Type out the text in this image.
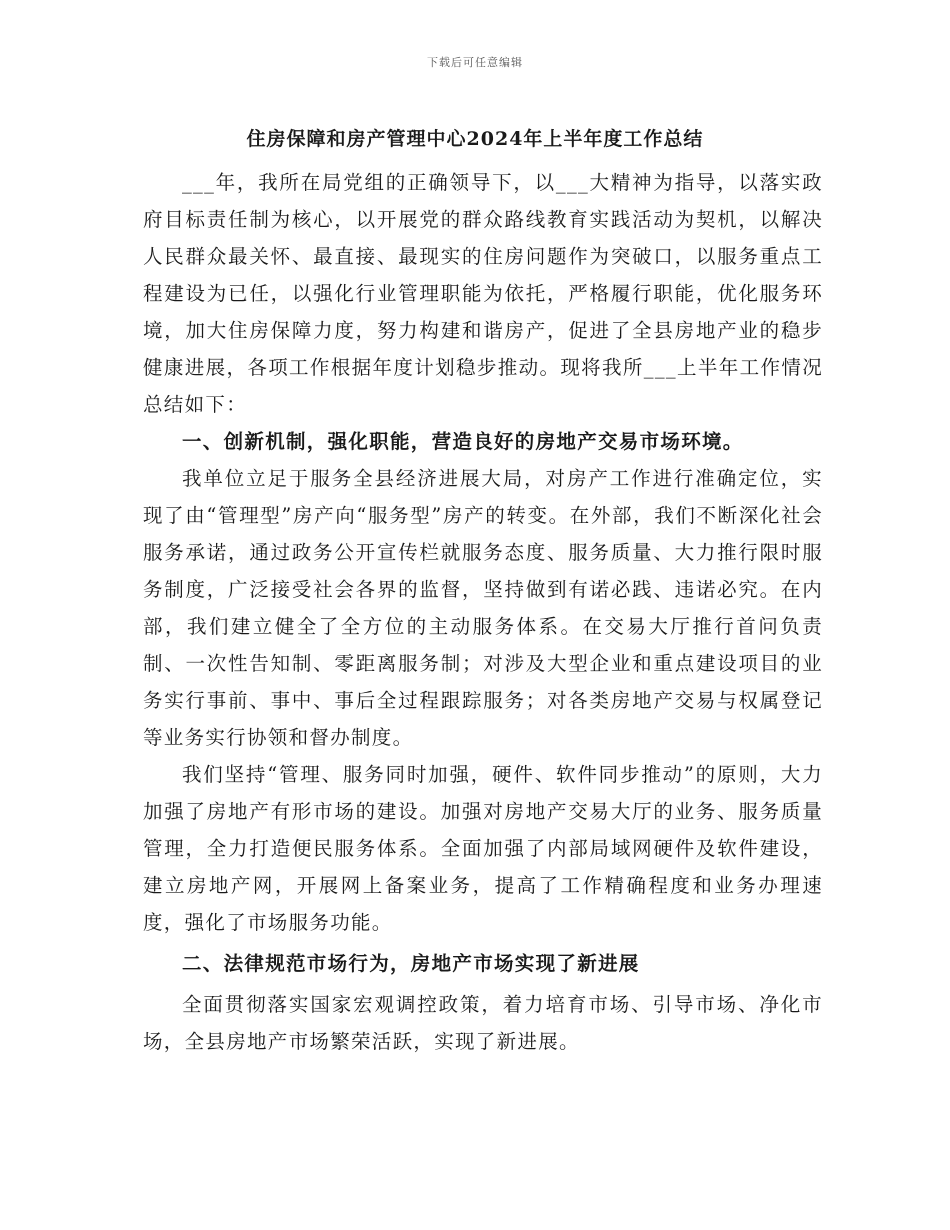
下载后可任意编辑
住房保障和房产管理中心2024年上半年度工作总结

___年，我所在局党组的正确领导下，以___大精神为指导，以落实政府目标责任制为核心，以开展党的群众路线教育实践活动为契机，以解决人民群众最关怀、最直接、最现实的住房问题作为突破口，以服务重点工程建设为已任，以强化行业管理职能为依托，严格履行职能，优化服务环境，加大住房保障力度，努力构建和谐房产，促进了全县房地产业的稳步健康进展，各项工作根据年度计划稳步推动。现将我所___上半年工作情况总结如下：

一、创新机制，强化职能，营造良好的房地产交易市场环境。

我单位立足于服务全县经济进展大局，对房产工作进行准确定位，实现了由“管理型”房产向“服务型”房产的转变。在外部，我们不断深化社会服务承诺，通过政务公开宣传栏就服务态度、服务质量、大力推行限时服务制度，广泛接受社会各界的监督，坚持做到有诺必践、违诺必究。在内部，我们建立健全了全方位的主动服务体系。在交易大厅推行首问负责制、一次性告知制、零距离服务制；对涉及大型企业和重点建设项目的业务实行事前、事中、事后全过程跟踪服务；对各类房地产交易与权属登记等业务实行协领和督办制度。

我们坚持“管理、服务同时加强，硬件、软件同步推动”的原则，大力加强了房地产有形市场的建设。加强对房地产交易大厅的业务、服务质量管理，全力打造便民服务体系。全面加强了内部局域网硬件及软件建设，建立房地产网，开展网上备案业务，提高了工作精确程度和业务办理速度，强化了市场服务功能。

二、法律规范市场行为，房地产市场实现了新进展

全面贯彻落实国家宏观调控政策，着力培育市场、引导市场、净化市场，全县房地产市场繁荣活跃，实现了新进展。
